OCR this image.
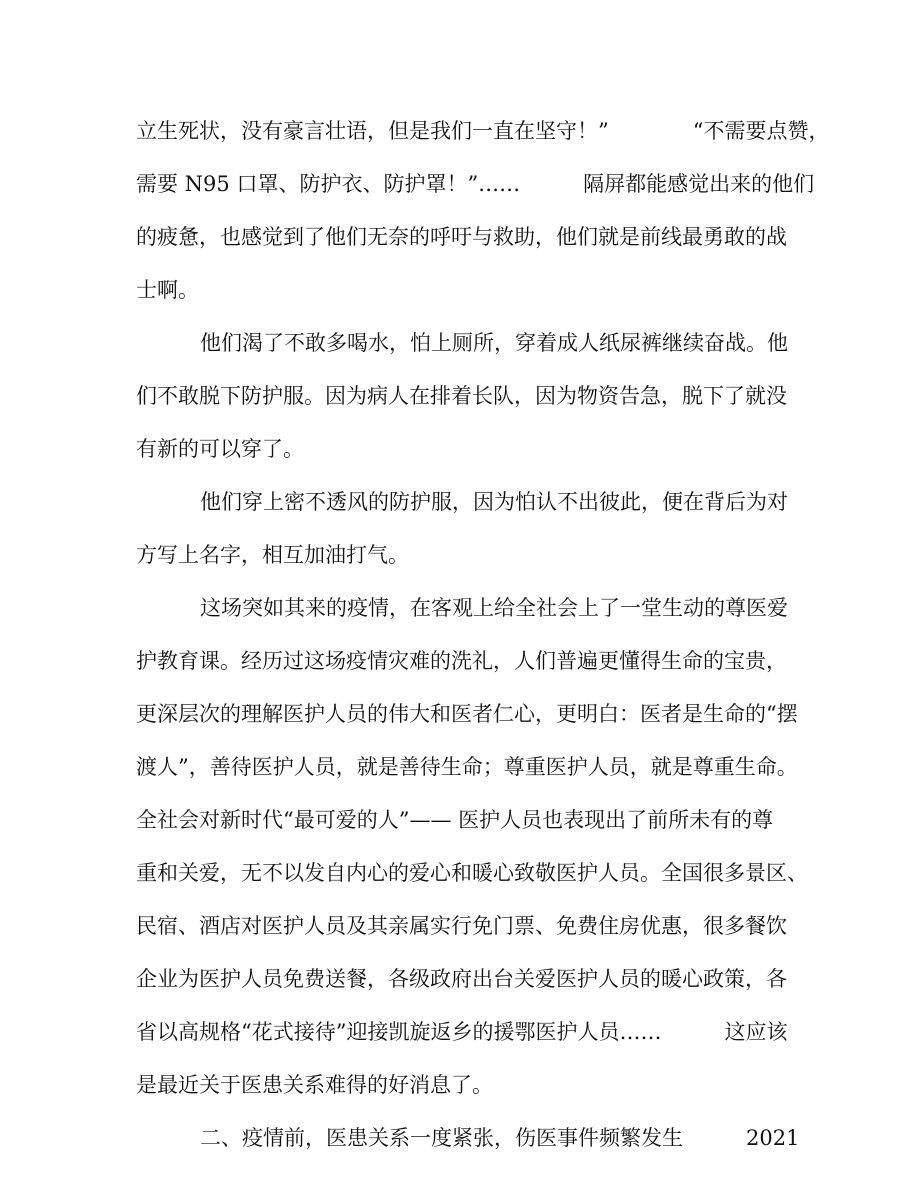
立生死状，没有豪言壮语，但是我们一直在坚守！”　　　　“不需要点赞，
需要 N95 口罩、防护衣、防护罩！”……　　　隔屏都能感觉出来的他们
的疲惫，也感觉到了他们无奈的呼吁与救助，他们就是前线最勇敢的战
士啊。
他们渴了不敢多喝水，怕上厕所，穿着成人纸尿裤继续奋战。他
们不敢脱下防护服。因为病人在排着长队，因为物资告急，脱下了就没
有新的可以穿了。
他们穿上密不透风的防护服，因为怕认不出彼此，便在背后为对
方写上名字，相互加油打气。
这场突如其来的疫情，在客观上给全社会上了一堂生动的尊医爱
护教育课。经历过这场疫情灾难的洗礼，人们普遍更懂得生命的宝贵，
更深层次的理解医护人员的伟大和医者仁心，更明白：医者是生命的“摆
渡人”，善待医护人员，就是善待生命；尊重医护人员，就是尊重生命。
全社会对新时代“最可爱的人”—— 医护人员也表现出了前所未有的尊
重和关爱，无不以发自内心的爱心和暖心致敬医护人员。全国很多景区、
民宿、酒店对医护人员及其亲属实行免门票、免费住房优惠，很多餐饮
企业为医护人员免费送餐，各级政府出台关爱医护人员的暖心政策，各
省以高规格“花式接待”迎接凯旋返乡的援鄂医护人员……　　　这应该
是最近关于医患关系难得的好消息了。
二、疫情前，医患关系一度紧张，伤医事件频繁发生　　　2021
